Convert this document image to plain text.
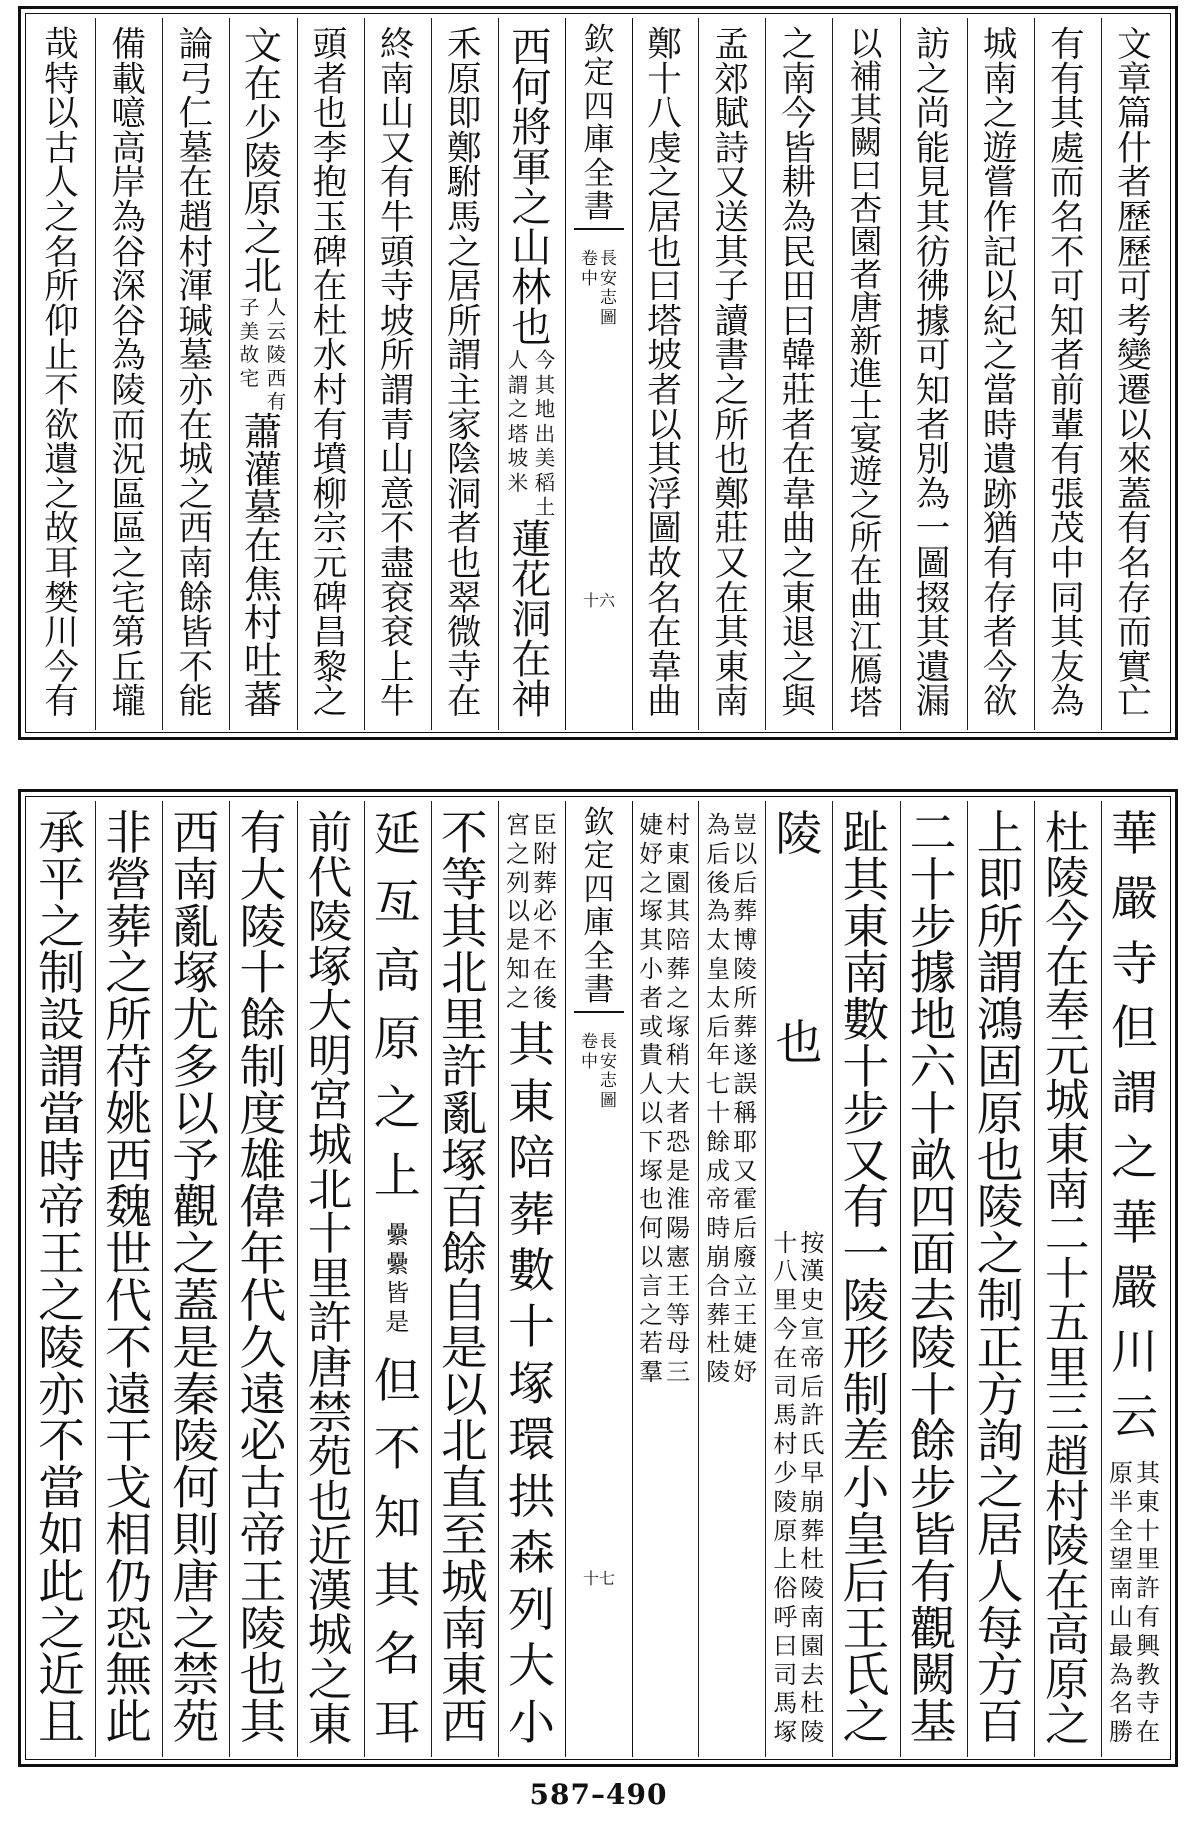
欽
定
四
庫
全
書
長
安
志
圖
卷
中
十六
文
章
篇
什
者
歷
歷
可
考
變
遷
以
來
蓋
有
名
存
而
實
亡
有
有
其
處
而
名
不
可
知
者
前
輩
有
張
茂
中
同
其
友
為
城
南
之
遊
嘗
作
記
以
紀
之
當
時
遺
跡
猶
有
存
者
今
欲
訪
之
尚
能
見
其
彷
彿
據
可
知
者
別
為
一
圖
掇
其
遺
漏
以
補
其
闕
曰
杏
園
者
唐
新
進
士
宴
遊
之
所
在
曲
江
鴈
塔
之
南
今
皆
耕
為
民
田
曰
韓
莊
者
在
韋
曲
之
東
退
之
與
孟
郊
賦
詩
又
送
其
子
讀
書
之
所
也
鄭
莊
又
在
其
東
南
鄭
十
八
虔
之
居
也
曰
塔
坡
者
以
其
浮
圖
故
名
在
韋
曲
西
何
將
軍
之
山
林
也
今
其
地
出
美
稻
土
人
謂
之
塔
坡
米
蓮
花
洞
在
神
禾
原
即
鄭
駙
馬
之
居
所
謂
主
家
陰
洞
者
也
翠
微
寺
在
終
南
山
又
有
牛
頭
寺
坡
所
謂
青
山
意
不
盡
袞
袞
上
牛
頭
者
也
李
抱
玉
碑
在
杜
水
村
有
墳
柳
宗
元
碑
昌
黎
之
文
在
少
陵
原
之
北
人
云
陵
西
有
子
美
故
宅
蕭
灌
墓
在
焦
村
吐
蕃
論
弓
仁
墓
在
趙
村
渾
瑊
墓
亦
在
城
之
西
南
餘
皆
不
能
備
載
噫
高
岸
為
谷
深
谷
為
陵
而
況
區
區
之
宅
第
丘
壠
哉
特
以
古
人
之
名
所
仰
止
不
欲
遺
之
故
耳
樊
川
今
有
欽
定
四
庫
全
書
長
安
志
圖
卷
中
十七
華
嚴
寺
但
謂
之
華
嚴
川
云
其
東
十
里
許
有
興
教
寺
在
原
半
全
望
南
山
最
為
名
勝
杜
陵
今
在
奉
元
城
東
南
二
十
五
里
三
趙
村
陵
在
高
原
之
上
即
所
謂
鴻
固
原
也
陵
之
制
正
方
詢
之
居
人
每
方
百
二
十
步
據
地
六
十
畝
四
面
去
陵
十
餘
步
皆
有
觀
闕
基
趾
其
東
南
數
十
步
又
有
一
陵
形
制
差
小
皇
后
王
氏
之
陵
也
按
漢
史
宣
帝
后
許
氏
早
崩
葬
杜
陵
南
園
去
杜
陵
十
八
里
今
在
司
馬
村
少
陵
原
上
俗
呼
曰
司
馬
塚
豈
以
后
葬
博
陵
所
葬
遂
誤
稱
耶
又
霍
后
廢
立
王
婕
妤
為
后
後
為
太
皇
太
后
年
七
十
餘
成
帝
時
崩
合
葬
杜
陵
村
東
園
其
陪
葬
之
塚
稍
大
者
恐
是
淮
陽
憲
王
等
母
三
婕
妤
之
塚
其
小
者
或
貴
人
以
下
塚
也
何
以
言
之
若
羣
臣
附
葬
必
不
在
後
宮
之
列
以
是
知
之
其
東
陪
葬
數
十
塚
環
拱
森
列
大
小
不
等
其
北
里
許
亂
塚
百
餘
自
是
以
北
直
至
城
南
東
西
延
亙
高
原
之
上
纍
纍
皆
是
但
不
知
其
名
耳
前
代
陵
塚
大
明
宮
城
北
十
里
許
唐
禁
苑
也
近
漢
城
之
東
有
大
陵
十
餘
制
度
雄
偉
年
代
久
遠
必
古
帝
王
陵
也
其
西
南
亂
塚
尤
多
以
予
觀
之
蓋
是
秦
陵
何
則
唐
之
禁
苑
非
營
葬
之
所
苻
姚
西
魏
世
代
不
遠
干
戈
相
仍
恐
無
此
承
平
之
制
設
謂
當
時
帝
王
之
陵
亦
不
當
如
此
之
近
且
587–490
